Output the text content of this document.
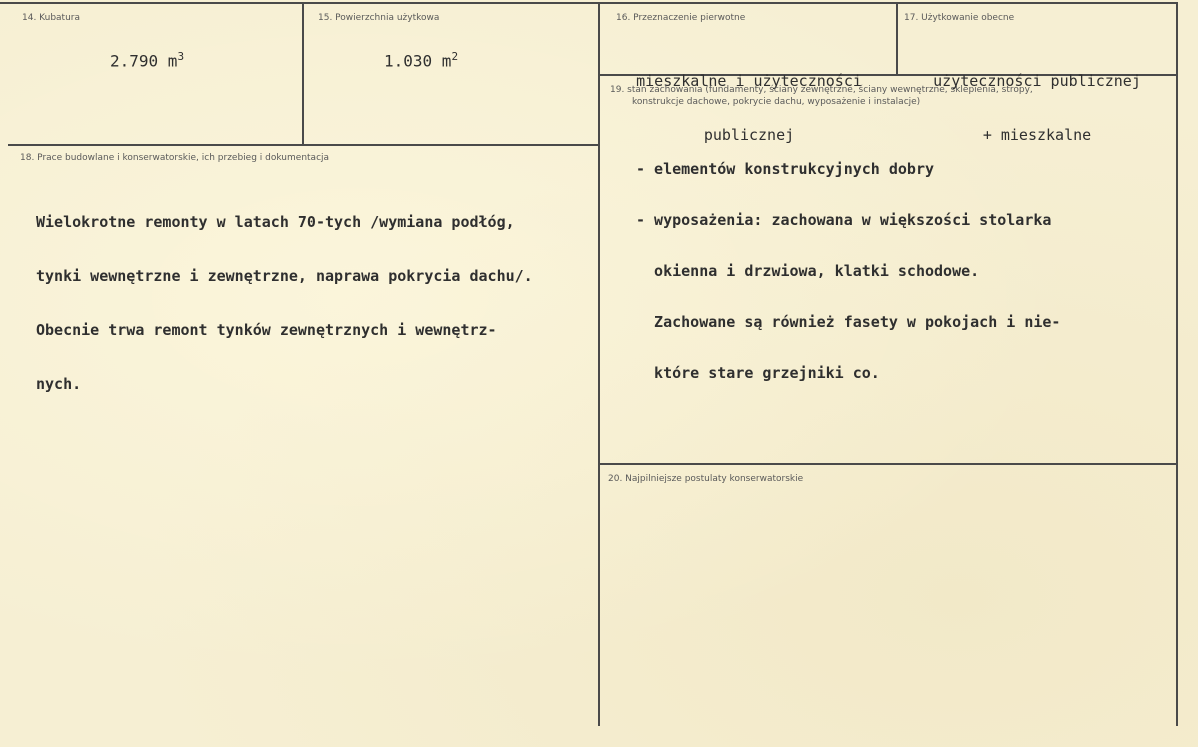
14. Kubatura
2.790 $m^3$
15. Powierzchnia użytkowa
1.030 $m^2$
16. Przeznaczenie pierwotne

mieszkalne i użyteczności

publicznej

17. Użytkowanie obecne

użyteczności publicznej

+ mieszkalne

18. Prace budowlane i konserwatorskie, ich przebieg i dokumentacja

Wielokrotne remonty w latach 70-tych /wymiana podłóg,

tynki wewnętrzne i zewnętrzne, naprawa pokrycia dachu/.

Obecnie trwa remont tynków zewnętrznych i wewnętrz-

nych.

19. stan zachowania (fundamenty, ściany zewnętrzne, ściany wewnętrzne, sklepienia, stropy,
konstrukcje dachowe, pokrycie dachu, wyposażenie i instalacje)

- elementów konstrukcyjnych dobry

- wyposażenia: zachowana w większości stolarka

okienna i drzwiowa, klatki schodowe.

Zachowane są również fasety w pokojach i nie-

które stare grzejniki co.

20. Najpilniejsze postulaty konserwatorskie
